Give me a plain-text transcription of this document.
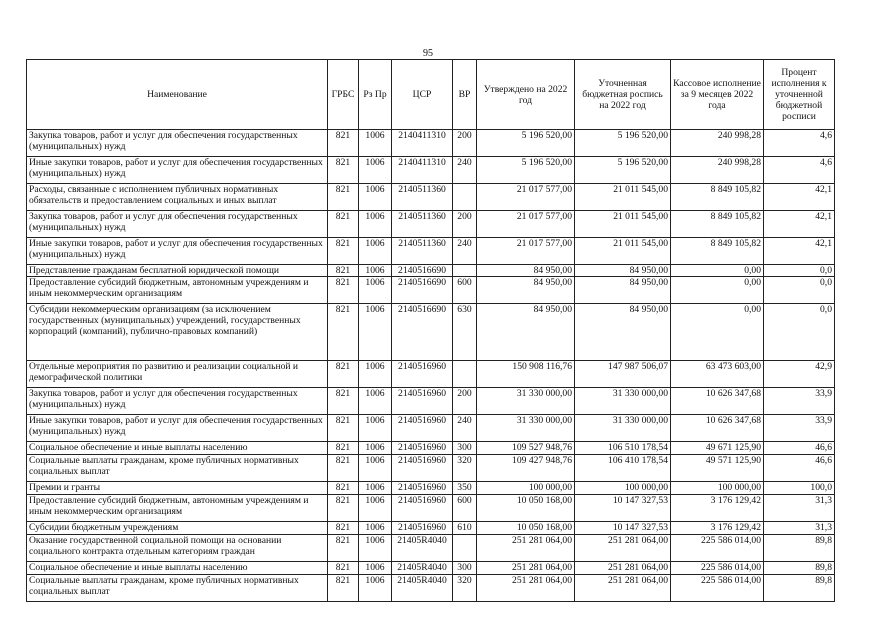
95
Наименование	ГРБС	Рз Пр	ЦСР	ВР	Утверждено на 2022 год	Уточненная бюджетная роспись на 2022 год	Кассовое исполнение за 9 месяцев 2022 года	Процент исполнения к уточненной бюджетной росписи
Закупка товаров, работ и услуг для обеспечения государственных (муниципальных) нужд	821	1006	2140411310	200	5 196 520,00	5 196 520,00	240 998,28	4,6
Иные закупки товаров, работ и услуг для обеспечения государственных (муниципальных) нужд	821	1006	2140411310	240	5 196 520,00	5 196 520,00	240 998,28	4,6
Расходы, связанные с исполнением публичных нормативных обязательств и предоставлением социальных и иных выплат	821	1006	2140511360		21 017 577,00	21 011 545,00	8 849 105,82	42,1
Закупка товаров, работ и услуг для обеспечения государственных (муниципальных) нужд	821	1006	2140511360	200	21 017 577,00	21 011 545,00	8 849 105,82	42,1
Иные закупки товаров, работ и услуг для обеспечения государственных (муниципальных) нужд	821	1006	2140511360	240	21 017 577,00	21 011 545,00	8 849 105,82	42,1
Представление гражданам бесплатной юридической помощи	821	1006	2140516690		84 950,00	84 950,00	0,00	0,0
Предоставление субсидий бюджетным, автономным учреждениям и иным некоммерческим организациям	821	1006	2140516690	600	84 950,00	84 950,00	0,00	0,0
Субсидии некоммерческим организациям (за исключением государственных (муниципальных) учреждений, государственных корпораций (компаний), публично-правовых компаний)	821	1006	2140516690	630	84 950,00	84 950,00	0,00	0,0
Отдельные мероприятия по развитию и реализации социальной и демографической политики	821	1006	2140516960		150 908 116,76	147 987 506,07	63 473 603,00	42,9
Закупка товаров, работ и услуг для обеспечения государственных (муниципальных) нужд	821	1006	2140516960	200	31 330 000,00	31 330 000,00	10 626 347,68	33,9
Иные закупки товаров, работ и услуг для обеспечения государственных (муниципальных) нужд	821	1006	2140516960	240	31 330 000,00	31 330 000,00	10 626 347,68	33,9
Социальное обеспечение и иные выплаты населению	821	1006	2140516960	300	109 527 948,76	106 510 178,54	49 671 125,90	46,6
Социальные выплаты гражданам, кроме публичных нормативных социальных выплат	821	1006	2140516960	320	109 427 948,76	106 410 178,54	49 571 125,90	46,6
Премии и гранты	821	1006	2140516960	350	100 000,00	100 000,00	100 000,00	100,0
Предоставление субсидий бюджетным, автономным учреждениям и иным некоммерческим организациям	821	1006	2140516960	600	10 050 168,00	10 147 327,53	3 176 129,42	31,3
Субсидии бюджетным учреждениям	821	1006	2140516960	610	10 050 168,00	10 147 327,53	3 176 129,42	31,3
Оказание государственной социальной помощи на основании социального контракта отдельным категориям граждан	821	1006	21405R4040		251 281 064,00	251 281 064,00	225 586 014,00	89,8
Социальное обеспечение и иные выплаты населению	821	1006	21405R4040	300	251 281 064,00	251 281 064,00	225 586 014,00	89,8
Социальные выплаты гражданам, кроме публичных нормативных социальных выплат	821	1006	21405R4040	320	251 281 064,00	251 281 064,00	225 586 014,00	89,8
